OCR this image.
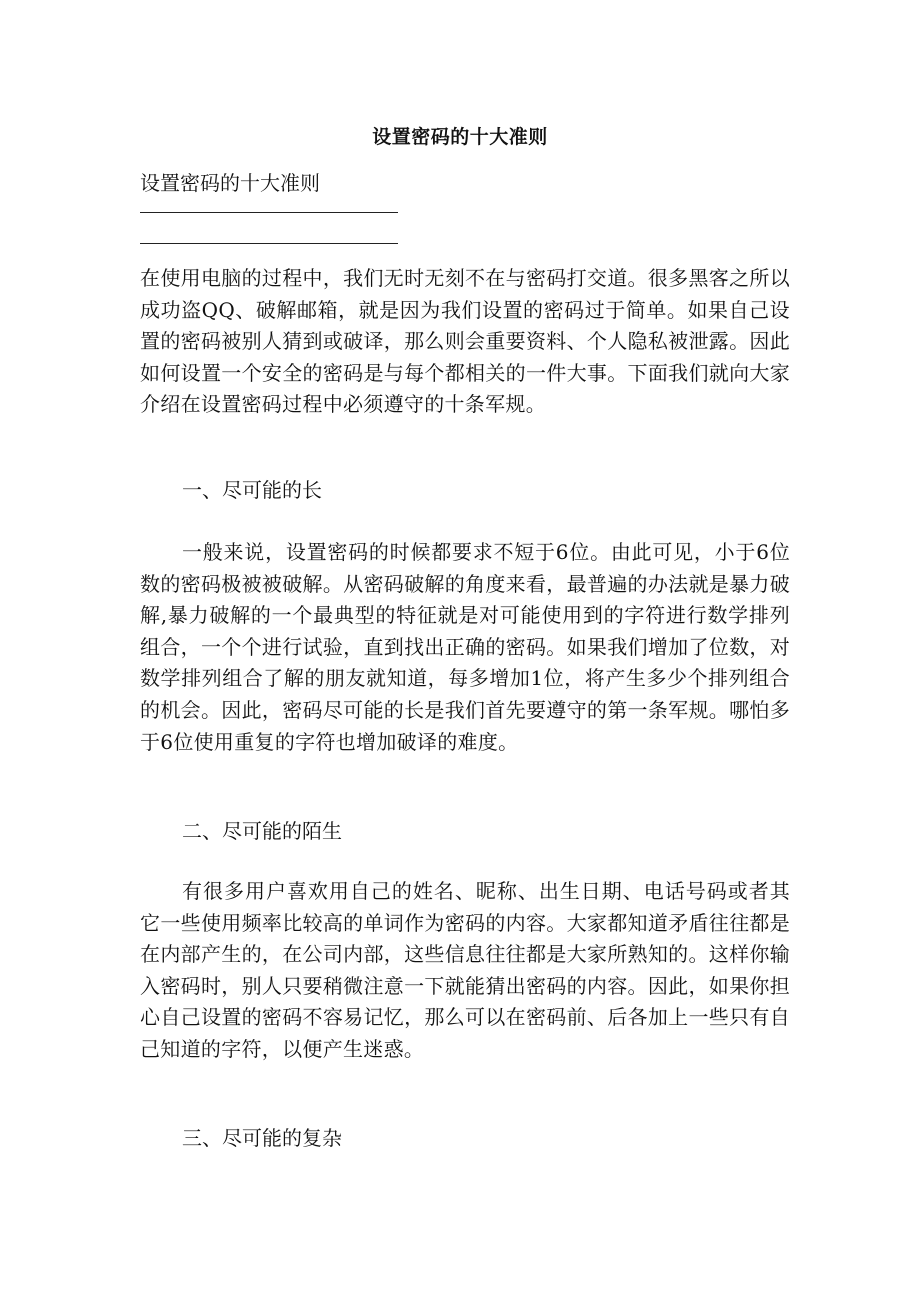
设置密码的十大准则
设置密码的十大准则

在使用电脑的过程中，我们无时无刻不在与密码打交道。很多黑客之所以成功盗QQ、破解邮箱，就是因为我们设置的密码过于简单。如果自己设置的密码被别人猜到或破译，那么则会重要资料、个人隐私被泄露。因此如何设置一个安全的密码是与每个都相关的一件大事。下面我们就向大家介绍在设置密码过程中必须遵守的十条军规。

一、尽可能的长

一般来说，设置密码的时候都要求不短于6位。由此可见，小于6位数的密码极被被破解。从密码破解的角度来看，最普遍的办法就是暴力破解,暴力破解的一个最典型的特征就是对可能使用到的字符进行数学排列组合，一个个进行试验，直到找出正确的密码。如果我们增加了位数，对数学排列组合了解的朋友就知道，每多增加1位，将产生多少个排列组合的机会。因此，密码尽可能的长是我们首先要遵守的第一条军规。哪怕多于6位使用重复的字符也增加破译的难度。

二、尽可能的陌生

有很多用户喜欢用自己的姓名、昵称、出生日期、电话号码或者其它一些使用频率比较高的单词作为密码的内容。大家都知道矛盾往往都是在内部产生的，在公司内部，这些信息往往都是大家所熟知的。这样你输入密码时，别人只要稍微注意一下就能猜出密码的内容。因此，如果你担心自己设置的密码不容易记忆，那么可以在密码前、后各加上一些只有自己知道的字符，以便产生迷惑。

三、尽可能的复杂
